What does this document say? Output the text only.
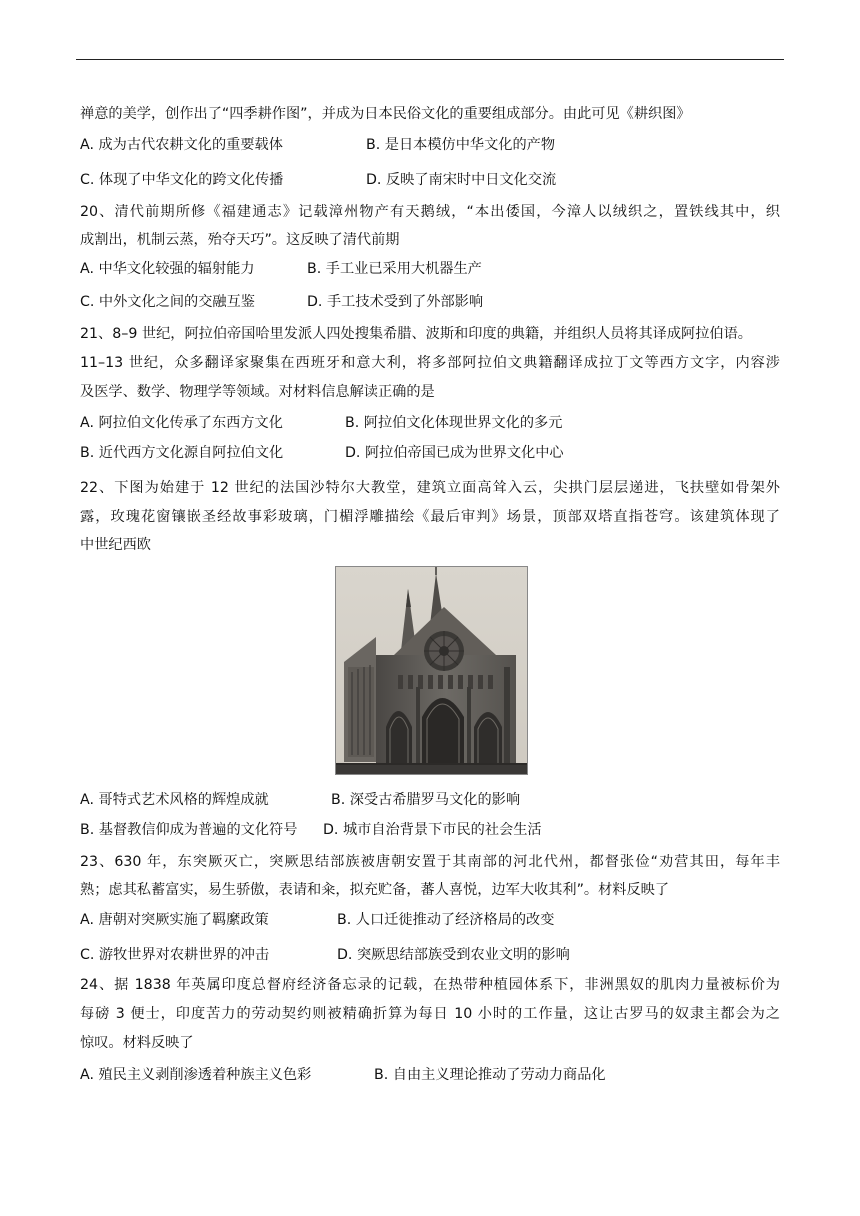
禅意的美学，创作出了“四季耕作图”，并成为日本民俗文化的重要组成部分。由此可见《耕织图》
A. 成为古代农耕文化的重要载体	B. 是日本模仿中华文化的产物
C. 体现了中华文化的跨文化传播	D. 反映了南宋时中日文化交流
20、清代前期所修《福建通志》记载漳州物产有天鹅绒，“本出倭国，今漳人以绒织之，置铁线其中，织
成割出，机制云蒸，殆夺天巧”。这反映了清代前期
A. 中华文化较强的辐射能力	B. 手工业已采用大机器生产
C. 中外文化之间的交融互鉴	D. 手工技术受到了外部影响
21、8–9 世纪，阿拉伯帝国哈里发派人四处搜集希腊、波斯和印度的典籍，并组织人员将其译成阿拉伯语。
11–13 世纪，众多翻译家聚集在西班牙和意大利，将多部阿拉伯文典籍翻译成拉丁文等西方文字，内容涉
及医学、数学、物理学等领域。对材料信息解读正确的是
A. 阿拉伯文化传承了东西方文化	B. 阿拉伯文化体现世界文化的多元
B. 近代西方文化源自阿拉伯文化	D. 阿拉伯帝国已成为世界文化中心
22、下图为始建于 12 世纪的法国沙特尔大教堂，建筑立面高耸入云，尖拱门层层递进，飞扶壁如骨架外
露，玫瑰花窗镶嵌圣经故事彩玻璃，门楣浮雕描绘《最后审判》场景，顶部双塔直指苍穹。该建筑体现了
中世纪西欧
A. 哥特式艺术风格的辉煌成就	B. 深受古希腊罗马文化的影响
B. 基督教信仰成为普遍的文化符号 D. 城市自治背景下市民的社会生活
23、630 年，东突厥灭亡，突厥思结部族被唐朝安置于其南部的河北代州，都督张俭“劝营其田，每年丰
熟；虑其私蓄富实，易生骄傲，表请和籴，拟充贮备，蕃人喜悦，边军大收其利”。材料反映了
A. 唐朝对突厥实施了羁縻政策	B. 人口迁徙推动了经济格局的改变
C. 游牧世界对农耕世界的冲击	D. 突厥思结部族受到农业文明的影响
24、据 1838 年英属印度总督府经济备忘录的记载，在热带种植园体系下，非洲黑奴的肌肉力量被标价为
每磅 3 便士，印度苦力的劳动契约则被精确折算为每日 10 小时的工作量，这让古罗马的奴隶主都会为之
惊叹。材料反映了
A. 殖民主义剥削渗透着种族主义色彩	B. 自由主义理论推动了劳动力商品化
